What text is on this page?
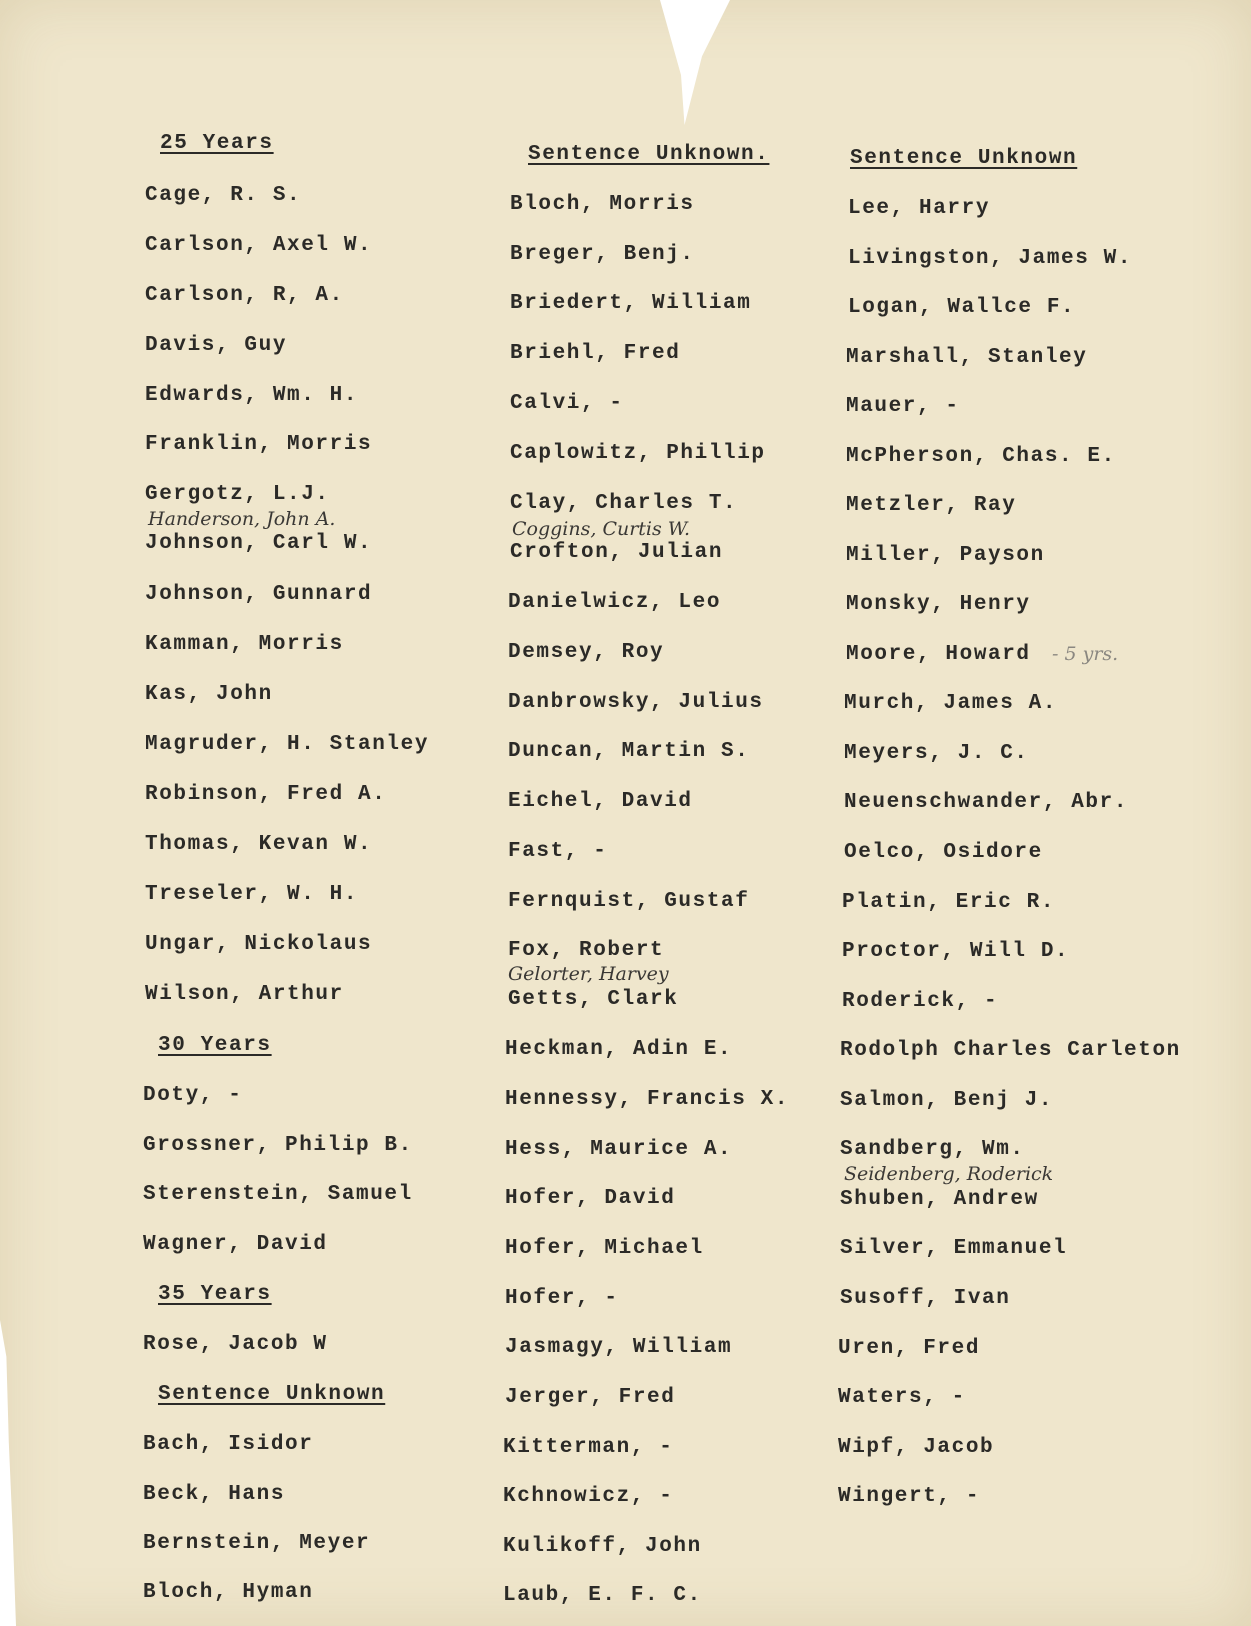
25 Years
Cage, R. S.
Carlson, Axel W.
Carlson, R, A.
Davis, Guy
Edwards, Wm. H.
Franklin, Morris
Gergotz, L.J.
Handerson, John A.
Johnson, Carl W.
Johnson, Gunnard
Kamman, Morris
Kas, John
Magruder, H. Stanley
Robinson, Fred A.
Thomas, Kevan W.
Treseler, W. H.
Ungar, Nickolaus
Wilson, Arthur
30 Years
Doty, -
Grossner, Philip B.
Sterenstein, Samuel
Wagner, David
35 Years
Rose, Jacob W
Sentence Unknown
Bach, Isidor
Beck, Hans
Bernstein, Meyer
Bloch, Hyman
Sentence Unknown.
Bloch, Morris
Breger, Benj.
Briedert, William
Briehl, Fred
Calvi, -
Caplowitz, Phillip
Clay, Charles T.
Coggins, Curtis W.
Crofton, Julian
Danielwicz, Leo
Demsey, Roy
Danbrowsky, Julius
Duncan, Martin S.
Eichel, David
Fast, -
Fernquist, Gustaf
Fox, Robert
Gelorter, Harvey
Getts, Clark
Heckman, Adin E.
Hennessy, Francis X.
Hess, Maurice A.
Hofer, David
Hofer, Michael
Hofer, -
Jasmagy, William
Jerger, Fred
Kitterman, -
Kchnowicz, -
Kulikoff, John
Laub, E. F. C.
Sentence Unknown
Lee, Harry
Livingston, James W.
Logan, Wallce F.
Marshall, Stanley
Mauer, -
McPherson, Chas. E.
Metzler, Ray
Miller, Payson
Monsky, Henry
Moore, Howard - 5 yrs.
Murch, James A.
Meyers, J. C.
Neuenschwander, Abr.
Oelco, Osidore
Platin, Eric R.
Proctor, Will D.
Roderick, -
Rodolph Charles Carleton
Salmon, Benj J.
Sandberg, Wm.
Seidenberg, Roderick
Shuben, Andrew
Silver, Emmanuel
Susoff, Ivan
Uren, Fred
Waters, -
Wipf, Jacob
Wingert, -
